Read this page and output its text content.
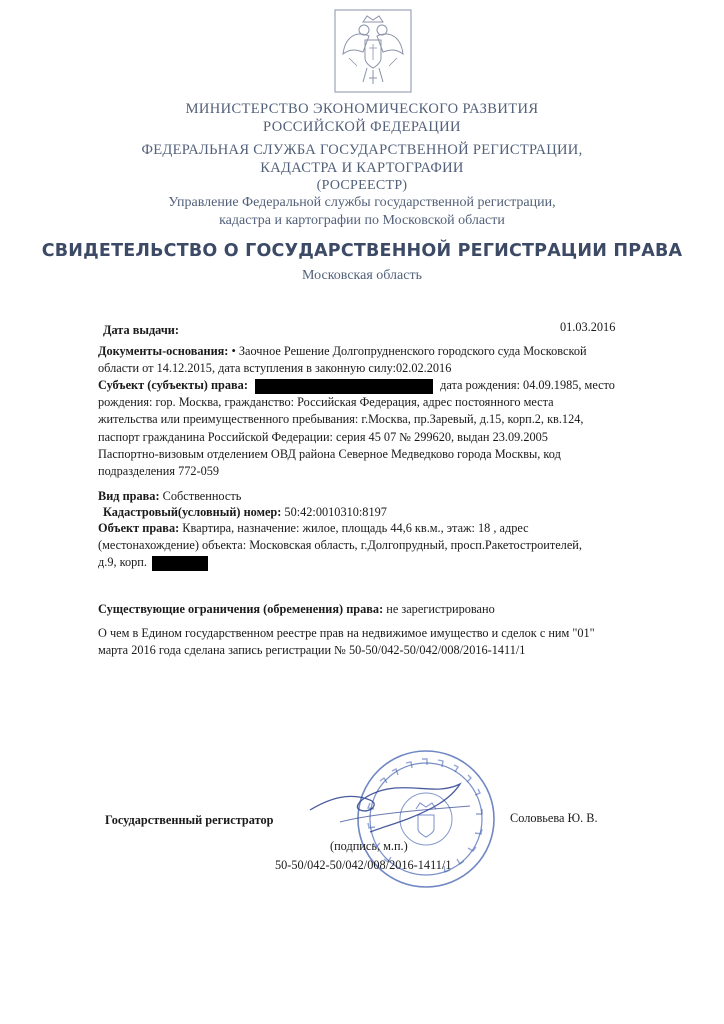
МИНИСТЕРСТВО ЭКОНОМИЧЕСКОГО РАЗВИТИЯ
РОССИЙСКОЙ ФЕДЕРАЦИИ
ФЕДЕРАЛЬНАЯ СЛУЖБА ГОСУДАРСТВЕННОЙ РЕГИСТРАЦИИ,
КАДАСТРА И КАРТОГРАФИИ
(РОСРЕЕСТР)
Управление Федеральной службы государственной регистрации,
кадастра и картографии по Московской области
СВИДЕТЕЛЬСТВО О ГОСУДАРСТВЕННОЙ РЕГИСТРАЦИИ ПРАВА
Московская область
Дата выдачи:	01.03.2016
Документы-основания: • Заочное Решение Долгопрудненского городского суда Московской
области от 14.12.2015, дата вступления в законную силу:02.02.2016
Субъект (субъекты) права:	дата рождения: 04.09.1985, место
рождения: гор. Москва, гражданство: Российская Федерация, адрес постоянного места
жительства или преимущественного пребывания: г.Москва, пр.Заревый, д.15, корп.2, кв.124,
паспорт гражданина Российской Федерации: серия 45 07 № 299620, выдан 23.09.2005
Паспортно-визовым отделением ОВД района Северное Медведково города Москвы, код
подразделения 772-059
Вид права: Собственность
Кадастровый(условный) номер: 50:42:0010310:8197
Объект права: Квартира, назначение: жилое, площадь 44,6 кв.м., этаж: 18 , адрес
(местонахождение) объекта: Московская область, г.Долгопрудный, просп.Ракетостроителей,
д.9, корп.
Существующие ограничения (обременения) права: не зарегистрировано
О чем в Едином государственном реестре прав на недвижимое имущество и сделок с ним "01"
марта 2016 года сделана запись регистрации № 50-50/042-50/042/008/2016-1411/1
Государственный регистратор	Соловьева Ю. В.
(подпись, м.п.)
50-50/042-50/042/008/2016-1411/1
